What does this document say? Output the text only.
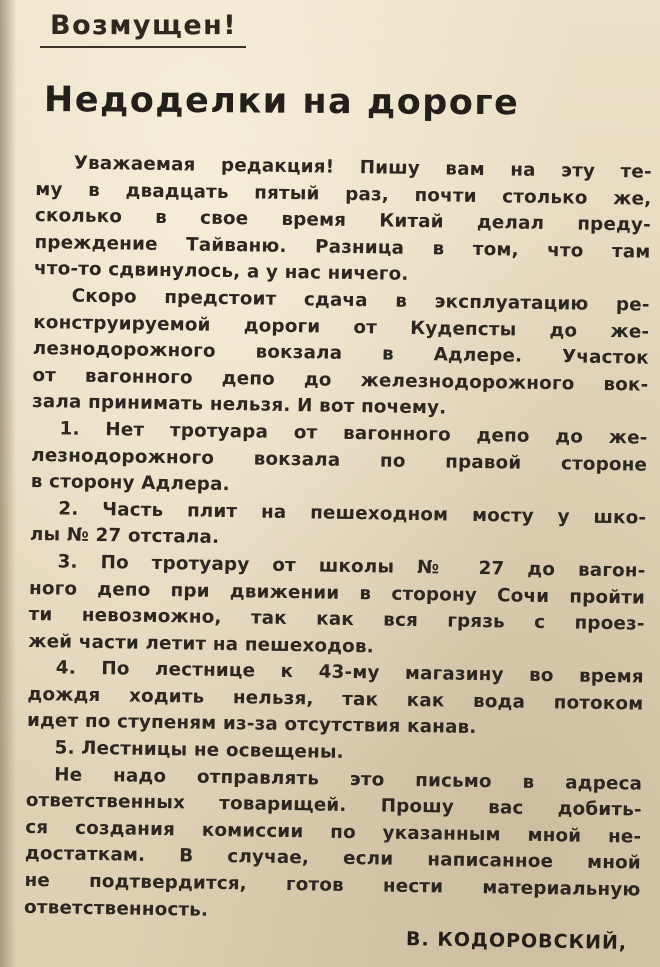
Возмущен!
Недоделки на дороге
Уважаемая редакция! Пишу вам на эту те-
му в двадцать пятый раз, почти столько же,
сколько в свое время Китай делал преду-
преждение Тайваню. Разница в том, что там
что-то сдвинулось, а у нас ничего.
Скоро предстоит сдача в эксплуатацию ре-
конструируемой дороги от Кудепсты до же-
лезнодорожного вокзала в Адлере. Участок
от вагонного депо до железнодорожного вок-
зала принимать нельзя. И вот почему.
1. Нет тротуара от вагонного депо до же-
лезнодорожного вокзала по правой стороне
в сторону Адлера.
2. Часть плит на пешеходном мосту у шко-
лы № 27 отстала.
3. По тротуару от школы № 27 до вагон-
ного депо при движении в сторону Сочи пройти
ти невозможно, так как вся грязь с проез-
жей части летит на пешеходов.
4. По лестнице к 43-му магазину во время
дождя ходить нельзя, так как вода потоком
идет по ступеням из-за отсутствия канав.
5. Лестницы не освещены.
Не надо отправлять это письмо в адреса
ответственных товарищей. Прошу вас добить-
ся создания комиссии по указанным мной не-
достаткам. В случае, если написанное мной
не подтвердится, готов нести материальную
ответственность.
В. КОДОРОВСКИЙ,
